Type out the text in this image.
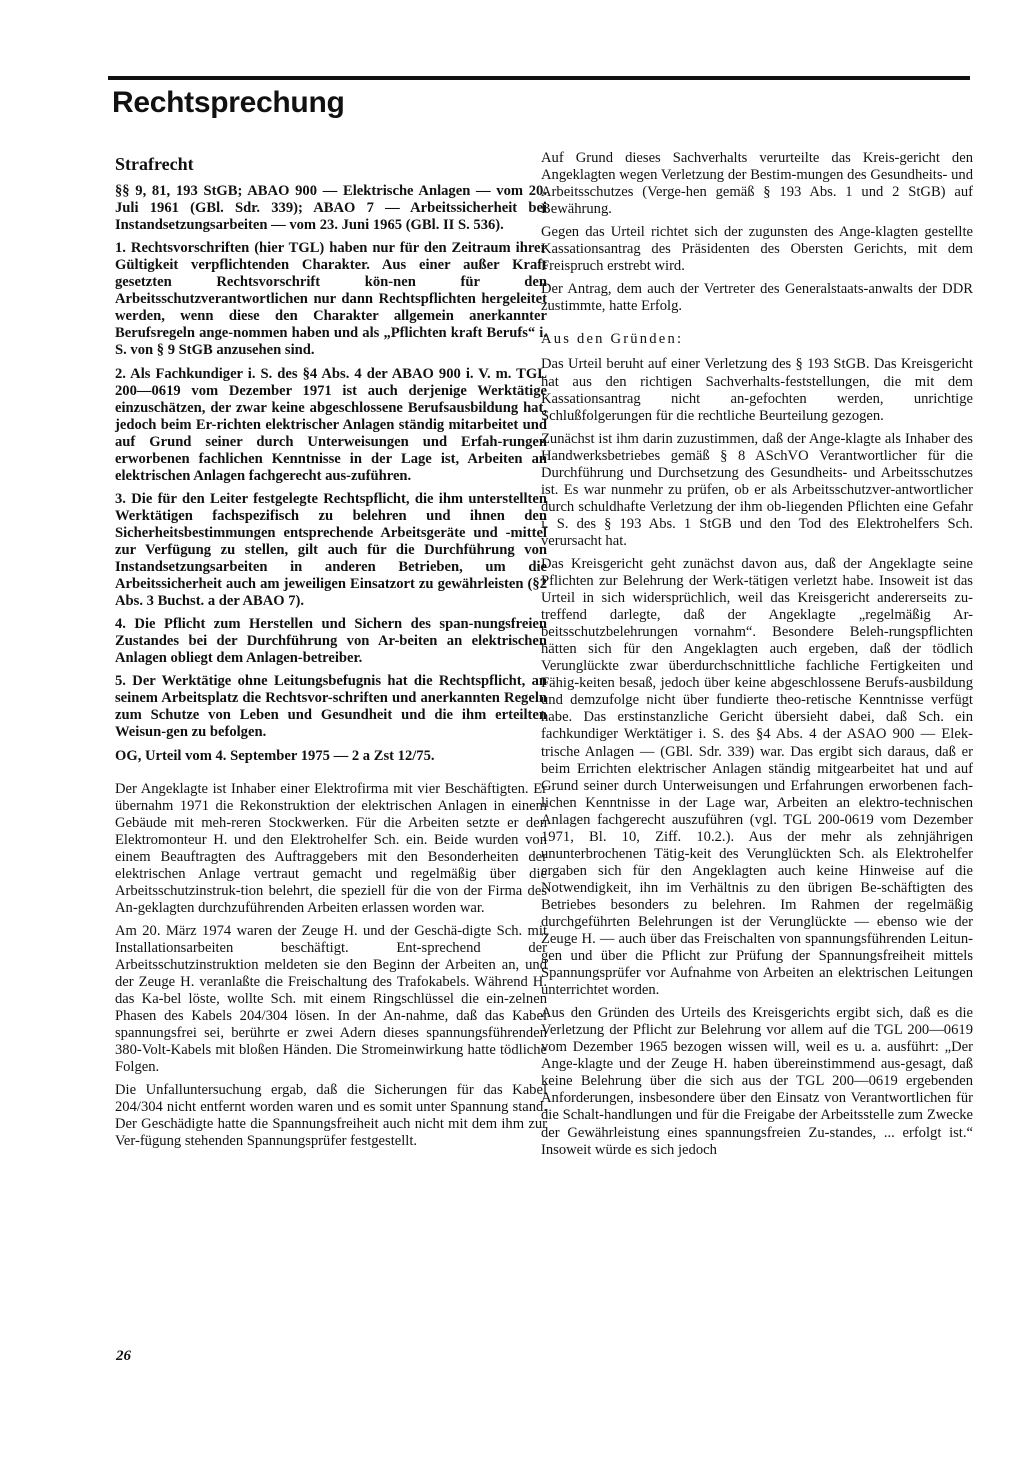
Rechtsprechung
Strafrecht

§§ 9, 81, 193 StGB; ABAO 900 — Elektrische Anlagen — vom 20. Juli 1961 (GBl. Sdr. 339); ABAO 7 — Arbeitssicherheit bei Instandsetzungsarbeiten — vom 23. Juni 1965 (GBl. II S. 536).

1. Rechtsvorschriften (hier TGL) haben nur für den Zeitraum ihrer Gültigkeit verpflichtenden Charakter. Aus einer außer Kraft gesetzten Rechtsvorschrift kön-nen für den Arbeitsschutzverantwortlichen nur dann Rechtspflichten hergeleitet werden, wenn diese den Charakter allgemein anerkannter Berufsregeln ange-nommen haben und als „Pflichten kraft Berufs“ i. S. von § 9 StGB anzusehen sind.

2. Als Fachkundiger i. S. des §4 Abs. 4 der ABAO 900 i. V. m. TGL 200—0619 vom Dezember 1971 ist auch derjenige Werktätige einzuschätzen, der zwar keine abgeschlossene Berufsausbildung hat, jedoch beim Er-richten elektrischer Anlagen ständig mitarbeitet und auf Grund seiner durch Unterweisungen und Erfah-rungen erworbenen fachlichen Kenntnisse in der Lage ist, Arbeiten an elektrischen Anlagen fachgerecht aus-zuführen.

3. Die für den Leiter festgelegte Rechtspflicht, die ihm unterstellten Werktätigen fachspezifisch zu belehren und ihnen den Sicherheitsbestimmungen entsprechende Arbeitsgeräte und -mittel zur Verfügung zu stellen, gilt auch für die Durchführung von Instandsetzungsarbeiten in anderen Betrieben, um die Arbeitssicherheit auch am jeweiligen Einsatzort zu gewährleisten (§2 Abs. 3 Buchst. a der ABAO 7).

4. Die Pflicht zum Herstellen und Sichern des span-nungsfreien Zustandes bei der Durchführung von Ar-beiten an elektrischen Anlagen obliegt dem Anlagen-betreiber.

5. Der Werktätige ohne Leitungsbefugnis hat die Rechtspflicht, an seinem Arbeitsplatz die Rechtsvor-schriften und anerkannten Regeln zum Schutze von Leben und Gesundheit und die ihm erteilten Weisun-gen zu befolgen.

OG, Urteil vom 4. September 1975 — 2 a Zst 12/75.

Der Angeklagte ist Inhaber einer Elektrofirma mit vier Beschäftigten. Er übernahm 1971 die Rekonstruktion der elektrischen Anlagen in einem Gebäude mit meh-reren Stockwerken. Für die Arbeiten setzte er den Elektromonteur H. und den Elektrohelfer Sch. ein. Beide wurden von einem Beauftragten des Auftraggebers mit den Besonderheiten der elektrischen Anlage vertraut gemacht und regelmäßig über die Arbeitsschutzinstruk-tion belehrt, die speziell für die von der Firma des An-geklagten durchzuführenden Arbeiten erlassen worden war.

Am 20. März 1974 waren der Zeuge H. und der Geschä-digte Sch. mit Installationsarbeiten beschäftigt. Ent-sprechend der Arbeitsschutzinstruktion meldeten sie den Beginn der Arbeiten an, und der Zeuge H. veranlaßte die Freischaltung des Trafokabels. Während H. das Ka-bel löste, wollte Sch. mit einem Ringschlüssel die ein-zelnen Phasen des Kabels 204/304 lösen. In der An-nahme, daß das Kabel spannungsfrei sei, berührte er zwei Adern dieses spannungsführenden 380-Volt-Kabels mit bloßen Händen. Die Stromeinwirkung hatte tödliche Folgen.

Die Unfalluntersuchung ergab, daß die Sicherungen für das Kabel 204/304 nicht entfernt worden waren und es somit unter Spannung stand. Der Geschädigte hatte die Spannungsfreiheit auch nicht mit dem ihm zur Ver-fügung stehenden Spannungsprüfer festgestellt.

Auf Grund dieses Sachverhalts verurteilte das Kreis-gericht den Angeklagten wegen Verletzung der Bestim-mungen des Gesundheits- und Arbeitsschutzes (Verge-hen gemäß § 193 Abs. 1 und 2 StGB) auf Bewährung.

Gegen das Urteil richtet sich der zugunsten des Ange-klagten gestellte Kassationsantrag des Präsidenten des Obersten Gerichts, mit dem Freispruch erstrebt wird.

Der Antrag, dem auch der Vertreter des Generalstaats-anwalts der DDR zustimmte, hatte Erfolg.

Aus den Gründen:

Das Urteil beruht auf einer Verletzung des § 193 StGB. Das Kreisgericht hat aus den richtigen Sachverhalts-feststellungen, die mit dem Kassationsantrag nicht an-gefochten werden, unrichtige Schlußfolgerungen für die rechtliche Beurteilung gezogen.

Zunächst ist ihm darin zuzustimmen, daß der Ange-klagte als Inhaber des Handwerksbetriebes gemäß § 8 ASchVO Verantwortlicher für die Durchführung und Durchsetzung des Gesundheits- und Arbeitsschutzes ist. Es war nunmehr zu prüfen, ob er als Arbeitsschutzver-antwortlicher durch schuldhafte Verletzung der ihm ob-liegenden Pflichten eine Gefahr i. S. des § 193 Abs. 1 StGB und den Tod des Elektrohelfers Sch. verursacht hat.

Das Kreisgericht geht zunächst davon aus, daß der Angeklagte seine Pflichten zur Belehrung der Werk-tätigen verletzt habe. Insoweit ist das Urteil in sich widersprüchlich, weil das Kreisgericht andererseits zu-treffend darlegte, daß der Angeklagte „regelmäßig Ar-beitsschutzbelehrungen vornahm“. Besondere Beleh-rungspflichten hätten sich für den Angeklagten auch ergeben, daß der tödlich Verunglückte zwar überdurchschnittliche fachliche Fertigkeiten und Fähig-keiten besaß, jedoch über keine abgeschlossene Berufs-ausbildung und demzufolge nicht über fundierte theo-retische Kenntnisse verfügt habe. Das erstinstanzliche Gericht übersieht dabei, daß Sch. ein fachkundiger Werktätiger i. S. des §4 Abs. 4 der ASAO 900 — Elek-trische Anlagen — (GBl. Sdr. 339) war. Das ergibt sich daraus, daß er beim Errichten elektrischer Anlagen ständig mitgearbeitet hat und auf Grund seiner durch Unterweisungen und Erfahrungen erworbenen fach-lichen Kenntnisse in der Lage war, Arbeiten an elektro-technischen Anlagen fachgerecht auszuführen (vgl. TGL 200-0619 vom Dezember 1971, Bl. 10, Ziff. 10.2.). Aus der mehr als zehnjährigen ununterbrochenen Tätig-keit des Verunglückten Sch. als Elektrohelfer ergaben sich für den Angeklagten auch keine Hinweise auf die Notwendigkeit, ihn im Verhältnis zu den übrigen Be-schäftigten des Betriebes besonders zu belehren. Im Rahmen der regelmäßig durchgeführten Belehrungen ist der Verunglückte — ebenso wie der Zeuge H. — auch über das Freischalten von spannungsführenden Leitun-gen und über die Pflicht zur Prüfung der Spannungsfreiheit mittels Spannungsprüfer vor Aufnahme von Arbeiten an elektrischen Leitungen unterrichtet worden.

Aus den Gründen des Urteils des Kreisgerichts ergibt sich, daß es die Verletzung der Pflicht zur Belehrung vor allem auf die TGL 200—0619 vom Dezember 1965 bezogen wissen will, weil es u. a. ausführt: „Der Ange-klagte und der Zeuge H. haben übereinstimmend aus-gesagt, daß keine Belehrung über die sich aus der TGL 200—0619 ergebenden Anforderungen, insbesondere über den Einsatz von Verantwortlichen für die Schalt-handlungen und für die Freigabe der Arbeitsstelle zum Zwecke der Gewährleistung eines spannungsfreien Zu-standes, ... erfolgt ist.“ Insoweit würde es sich jedoch

26
